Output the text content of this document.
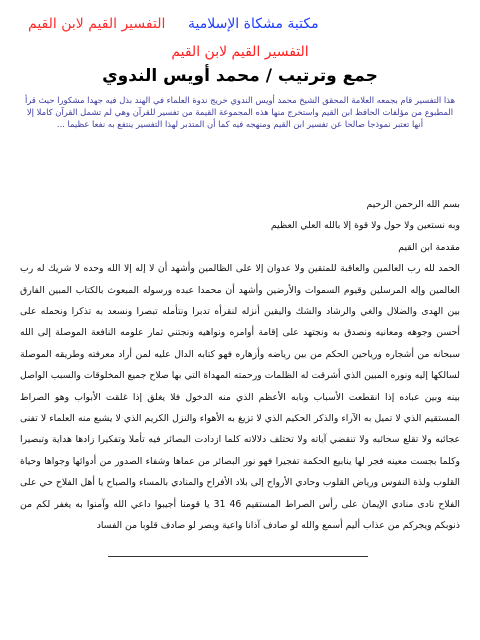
التفسير القيم لابن القيم مكتبة مشكاة الإسلامية
التفسير القيم لابن القيم
جمع وترتيب / محمد أويس الندوي
هذا التفسير قام بجمعه العلامة المحقق الشيخ محمد أويس الندوي خريج ندوة العلماء في الهند بذل فيه جهدا مشكورا حيث قرأ المطبوع من مؤلفات الحافظ ابن القيم واستخرج منها هذه المجموعة القيمة من تفسير للقرآن وهي لم تشمل القرآن كاملا إلا أنها تعتبر نموذجا صالحا عن تفسير ابن القيم ومنهجه فيه كما أن المتدبر لهذا التفسير ينتفع به نفعا عظيما ...

بسم الله الرحمن الرحيم

وبه نستعين ولا حول ولا قوة إلا بالله العلي العظيم

مقدمة ابن القيم

الحمد لله رب العالمين والعاقبة للمتقين ولا عدوان إلا على الظالمين وأشهد أن لا إله إلا الله وحده لا شريك له رب العالمين وإله المرسلين وقيوم السموات والأرضين وأشهد أن محمدا عبده ورسوله المبعوث بالكتاب المبين الفارق بين الهدى والضلال والغي والرشاد والشك واليقين أنزله لنقرأه تدبرا ونتأمله تبصرا ونسعد به تذكرا ونحمله على أحسن وجوهه ومعانيه ونصدق به ونجتهد على إقامة أوامره ونواهيه ونجتني ثمار علومه النافعة الموصلة إلى الله سبحانه من أشجاره ورياحين الحكم من بين رياضه وأزهاره فهو كتابه الدال عليه لمن أراد معرفته وطريقه الموصلة لسالكها إليه ونوره المبين الذي أشرقت له الظلمات ورحمته المهداة التي بها صلاح جميع المخلوقات والسبب الواصل بينه وبين عباده إذا انقطعت الأسباب وبابه الأعظم الذي منه الدخول فلا يغلق إذا غلقت الأبواب وهو الصراط المستقيم الذي لا تميل به الآراء والذكر الحكيم الذي لا تزيغ به الأهواء والنزل الكريم الذي لا يشبع منه العلماء لا تفنى عجائبه ولا تقلع سحائبه ولا تنقضي آياته ولا تختلف دلالاته كلما ازدادت البصائر فيه تأملا وتفكيرا زادها هداية وتبصيرا وكلما بجست معينه فجر لها ينابيع الحكمة تفجيرا فهو نور البصائر من عماها وشفاء الصدور من أدوائها وجواها وحياة القلوب ولذة النفوس ورياض القلوب وحادي الأرواح إلى بلاد الأفراح والمنادي بالمساء والصباح يا أهل الفلاح حي على الفلاح نادى منادي الإيمان على رأس الصراط المستقيم 46 31 يا قومنا أجيبوا داعي الله وآمنوا به يغفر لكم من ذنوبكم ويجركم من عذاب أليم أسمع والله لو صادف آذانا واعية وبصر لو صادف قلوبا من الفساد
